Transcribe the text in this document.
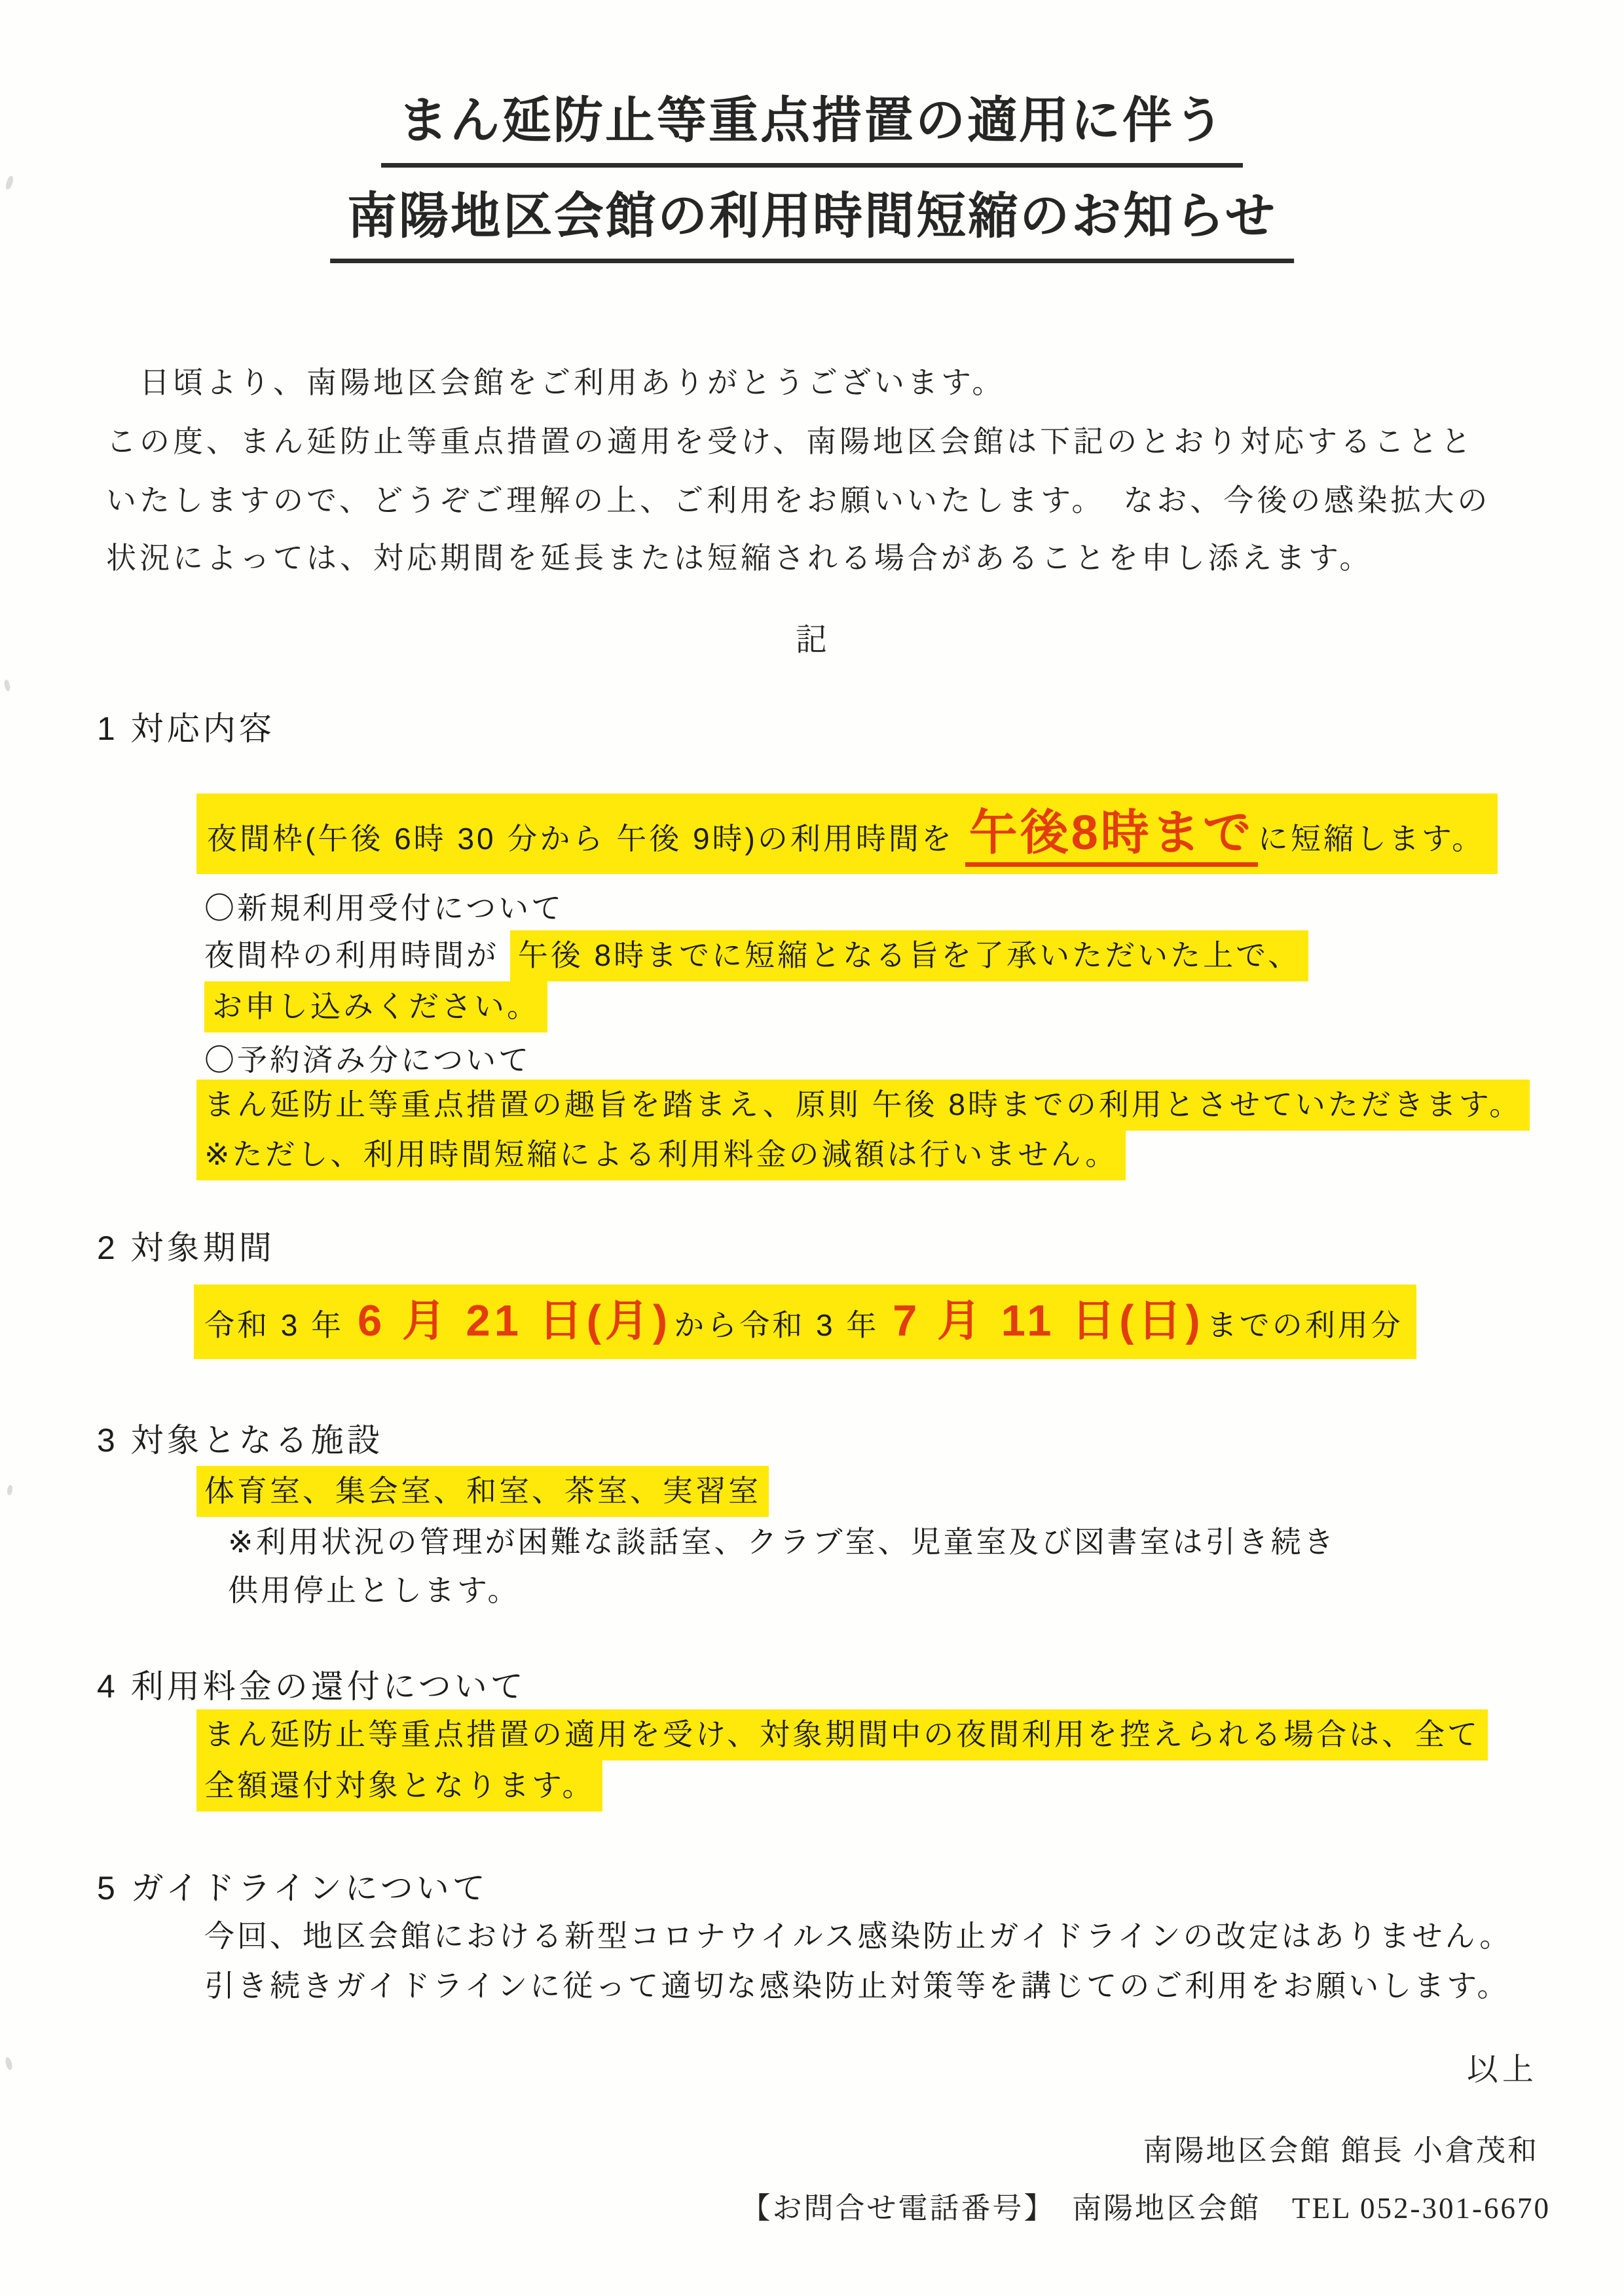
まん延防止等重点措置の適用に伴う
南陽地区会館の利用時間短縮のお知らせ
　日頃より、南陽地区会館をご利用ありがとうございます。
この度、まん延防止等重点措置の適用を受け、南陽地区会館は下記のとおり対応することと
いたしますので、どうぞご理解の上、ご利用をお願いいたします。　なお、今後の感染拡大の
状況によっては、対応期間を延長または短縮される場合があることを申し添えます。
記
1 対応内容
夜間枠(午後 6時 30 分から 午後 9時)の利用時間を 午後8時まで に短縮します。
〇新規利用受付について
夜間枠の利用時間が 午後 8時までに短縮となる旨を了承いただいた上で、
お申し込みください。
〇予約済み分について
まん延防止等重点措置の趣旨を踏まえ、原則 午後 8時までの利用とさせていただきます。
※ただし、利用時間短縮による利用料金の減額は行いません。
2 対象期間
令和 3 年 6 月 21 日(月)から令和 3 年 7 月 11 日(日)までの利用分
3 対象となる施設
体育室、集会室、和室、茶室、実習室
※利用状況の管理が困難な談話室、クラブ室、児童室及び図書室は引き続き
供用停止とします。
4 利用料金の還付について
まん延防止等重点措置の適用を受け、対象期間中の夜間利用を控えられる場合は、全て
全額還付対象となります。
5 ガイドラインについて
今回、地区会館における新型コロナウイルス感染防止ガイドラインの改定はありません。
引き続きガイドラインに従って適切な感染防止対策等を講じてのご利用をお願いします。
以上
南陽地区会館 館長 小倉茂和
【お問合せ電話番号】　南陽地区会館　TEL 052-301-6670
